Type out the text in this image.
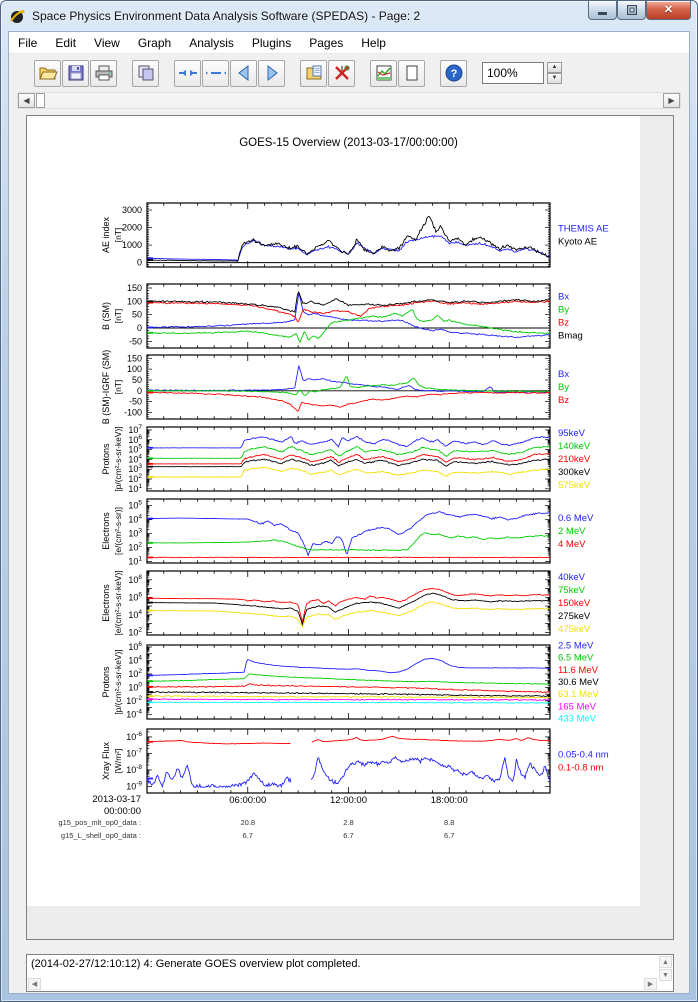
Space Physics Environment Data Analysis Software (SPEDAS) - Page: 2	✕
File	Edit	View	Graph	Analysis	Plugins	Pages	Help
?
100%
▲
▼
◀	▶
GOES-15 Overview (2013-03-17/00:00:00)
0
1000
2000
3000
AE index [nT]	THEMIS AE
Kyoto AE
-50
0
50
100
150
B (SM) [nT]
Bx
By
Bz
Bmag
-100
-50
0
50
100
150
B (SM)-IGRF (SM) [nT]
Bx
By
Bz
$10^1$
$10^2$
$10^3$
$10^4$
$10^5$
$10^6$
$10^7$
Protons [p/(cm²-s-sr-keV)]	95keV
140keV
210keV
300keV
575keV
$10^1$
$10^2$
$10^3$
$10^4$
$10^5$
Electrons [e/(cm²-s-sr)]	0.6 MeV
2 MeV
4 MeV
$10^2$
$10^4$
$10^6$
$10^8$
Electrons [e/(cm²-s-sr-keV)]	40keV
75keV
150keV
275keV
475keV
$10^{-4}$
$10^{-2}$
$10^0$
$10^2$
$10^4$
$10^6$
Protons [p/(cm²-s-sr-keV)]
2.5 MeV
6.5 MeV
11.6 MeV
30.6 MeV
63.1 MeV
165 MeV
433 MeV
$10^{-9}$
$10^{-8}$
$10^{-7}$
$10^{-6}$
Xray Flux [W/m²]	0.05-0.4 nm
0.1-0.8 nm
2013-03-17
00:00:00
06:00:00	12:00:00	18:00:00
g15_pos_mlt_op0_data :	20.8	2.8	8.8
g15_L_shell_op0_data :	6.7	6.7	6.7
(2014-02-27/12:10:12) 4: Generate GOES overview plot completed.	▲
▼
◀	▶
